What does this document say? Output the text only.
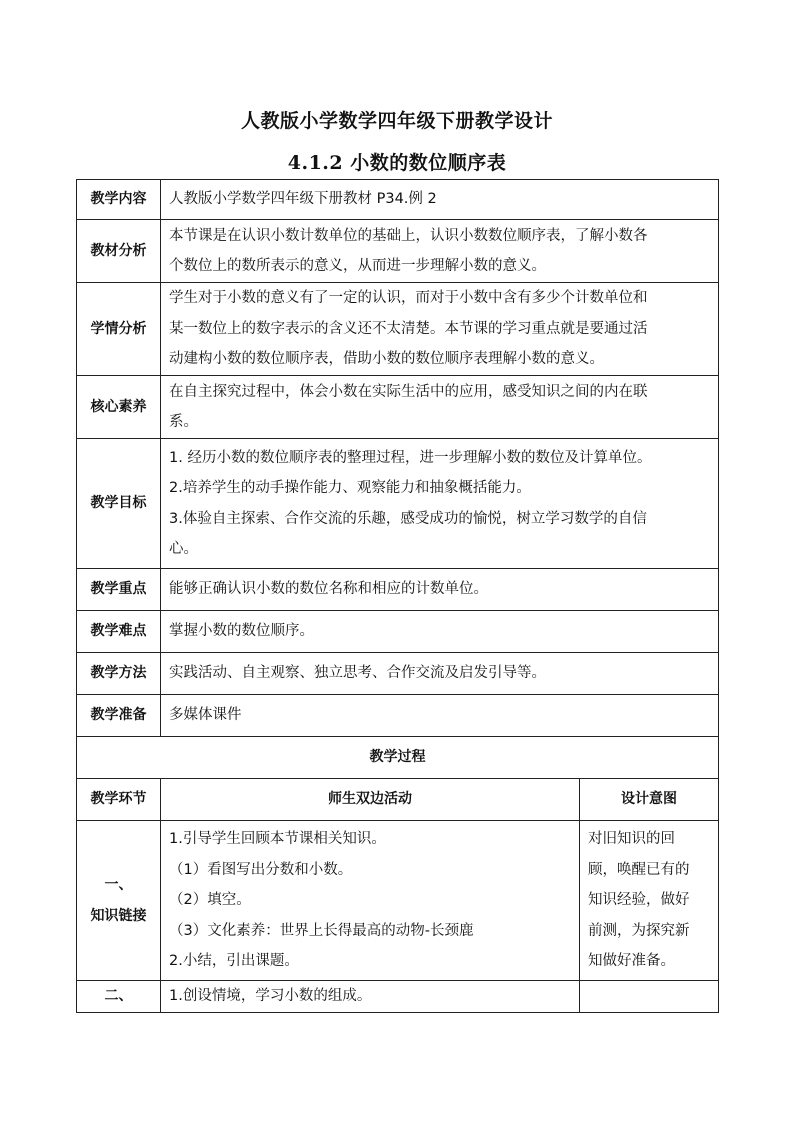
人教版小学数学四年级下册教学设计
4.1.2 小数的数位顺序表
教学内容	人教版小学数学四年级下册教材 P34.例 2	

教材分析	本节课是在认识小数计数单位的基础上，认识小数数位顺序表，了解小数各
个数位上的数所表示的意义，从而进一步理解小数的意义。	

学情分析	学生对于小数的意义有了一定的认识，而对于小数中含有多少个计数单位和
某一数位上的数字表示的含义还不太清楚。本节课的学习重点就是要通过活
动建构小数的数位顺序表，借助小数的数位顺序表理解小数的意义。	

核心素养	在自主探究过程中，体会小数在实际生活中的应用，感受知识之间的内在联
系。	

教学目标	1. 经历小数的数位顺序表的整理过程，进一步理解小数的数位及计算单位。
2.培养学生的动手操作能力、观察能力和抽象概括能力。
3.体验自主探索、合作交流的乐趣，感受成功的愉悦，树立学习数学的自信
心。	

教学重点	能够正确认识小数的数位名称和相应的计数单位。	

教学难点	掌握小数的数位顺序。	

教学方法	实践活动、自主观察、独立思考、合作交流及启发引导等。	

教学准备	多媒体课件	

教学过程		
教学环节	师生双边活动	设计意图

一、
知识链接	1.引导学生回顾本节课相关知识。
（1）看图写出分数和小数。
（2）填空。
（3）文化素养：世界上长得最高的动物-长颈鹿
2.小结，引出课题。	对旧知识的回
顾，唤醒已有的
知识经验，做好
前测，为探究新
知做好准备。

二、	1.创设情境，学习小数的组成。	
